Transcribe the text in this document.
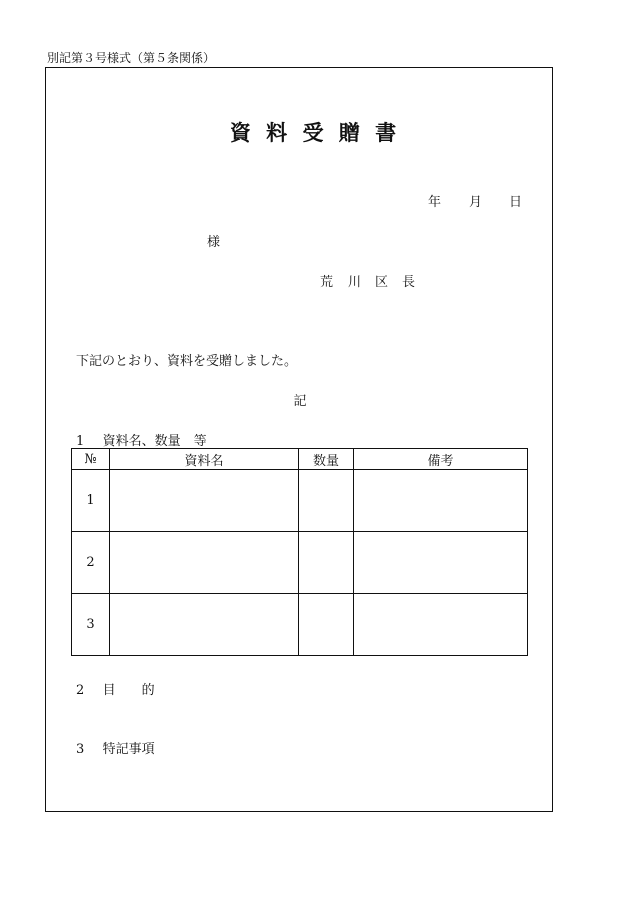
別記第３号様式（第５条関係）
資 料 受 贈 書
年 月 日
様
荒 川 区 長
下記のとおり、資料を受贈しました。
記
1 資料名、数量　等
№	資料名	数量	備考
1			
2			
3			
2 目　　的
3 特記事項
